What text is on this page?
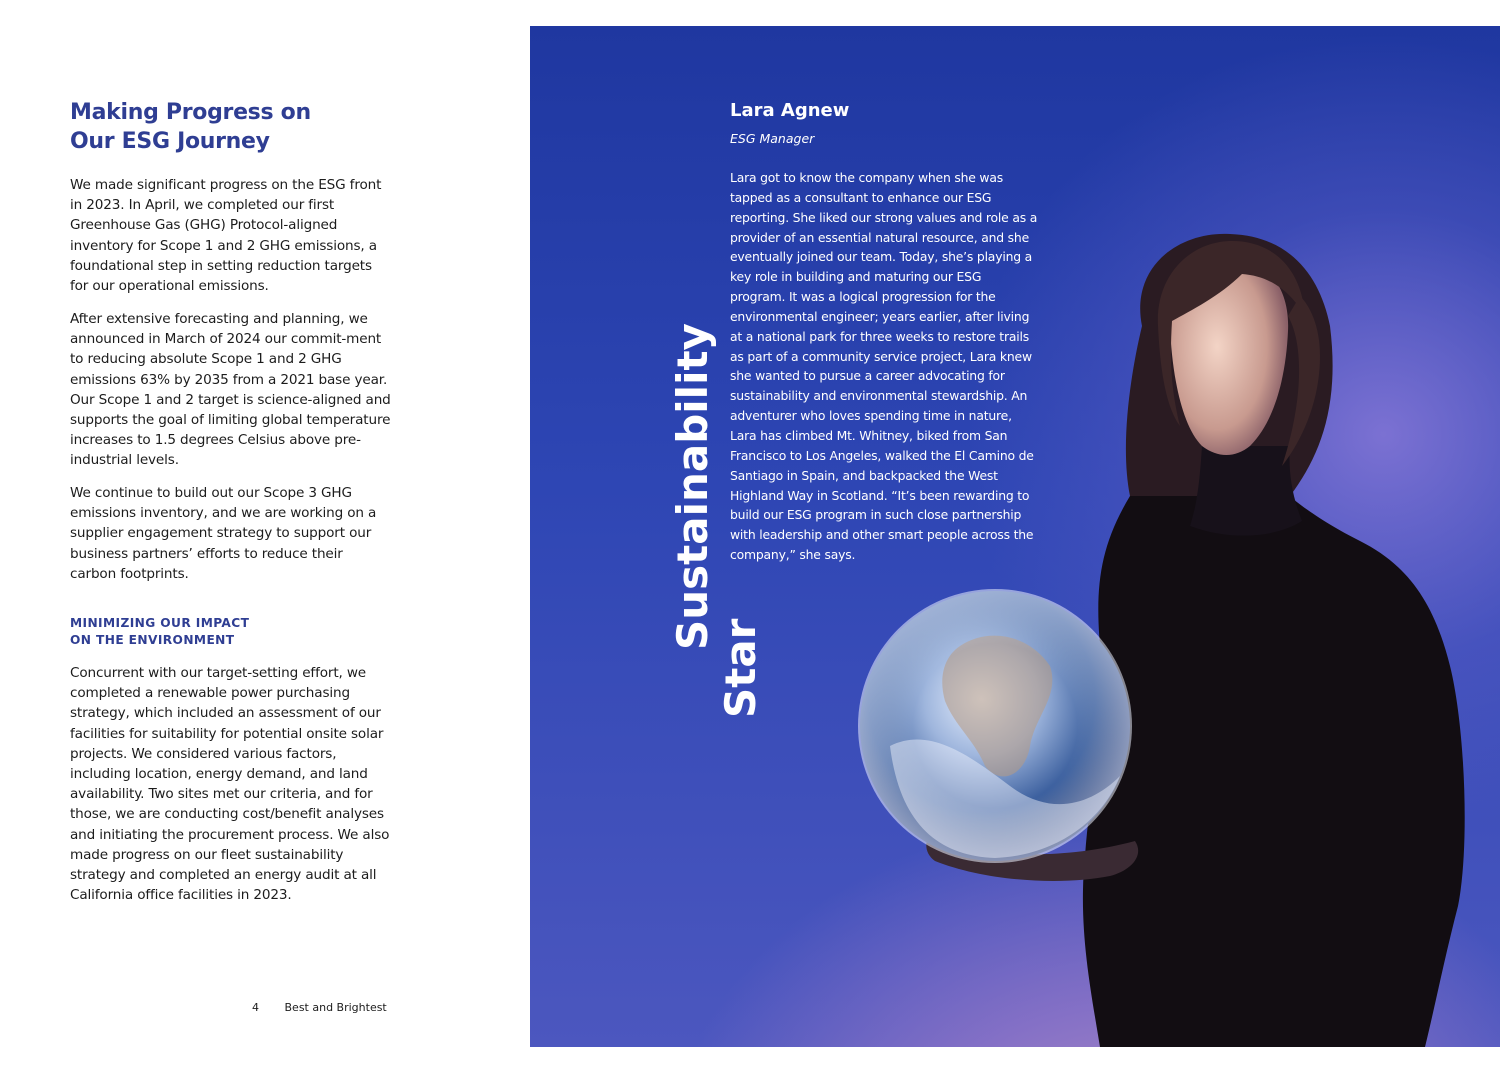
Making Progress on
Our ESG Journey

We made significant progress on the ESG front in 2023. In April, we completed our first Greenhouse Gas (GHG) Protocol-aligned inventory for Scope 1 and 2 GHG emissions, a foundational step in setting reduction targets for our operational emissions.

After extensive forecasting and planning, we announced in March of 2024 our commit-ment to reducing absolute Scope 1 and 2 GHG emissions 63% by 2035 from a 2021 base year. Our Scope 1 and 2 target is science-aligned and supports the goal of limiting global temperature increases to 1.5 degrees Celsius above pre-industrial levels.

We continue to build out our Scope 3 GHG emissions inventory, and we are working on a supplier engagement strategy to support our business partners’ efforts to reduce their carbon footprints.

MINIMIZING OUR IMPACT
ON THE ENVIRONMENT

Concurrent with our target-setting effort, we completed a renewable power purchasing strategy, which included an assessment of our facilities for suitability for potential onsite solar projects. We considered various factors, including location, energy demand, and land availability. Two sites met our criteria, and for those, we are conducting cost/benefit analyses and initiating the procurement process. We also made progress on our fleet sustainability strategy and completed an energy audit at all California office facilities in 2023.

4 Best and Brightest
Sustainability
Star
Lara Agnew
ESG Manager

Lara got to know the company when she was tapped as a consultant to enhance our ESG reporting. She liked our strong values and role as a provider of an essential natural resource, and she eventually joined our team. Today, she’s playing a key role in building and maturing our ESG program. It was a logical progression for the environmental engineer; years earlier, after living at a national park for three weeks to restore trails as part of a community service project, Lara knew she wanted to pursue a career advocating for sustainability and environmental stewardship. An adventurer who loves spending time in nature, Lara has climbed Mt. Whitney, biked from San Francisco to Los Angeles, walked the El Camino de Santiago in Spain, and backpacked the West Highland Way in Scotland. “It’s been rewarding to build our ESG program in such close partnership with leadership and other smart people across the company,” she says.
